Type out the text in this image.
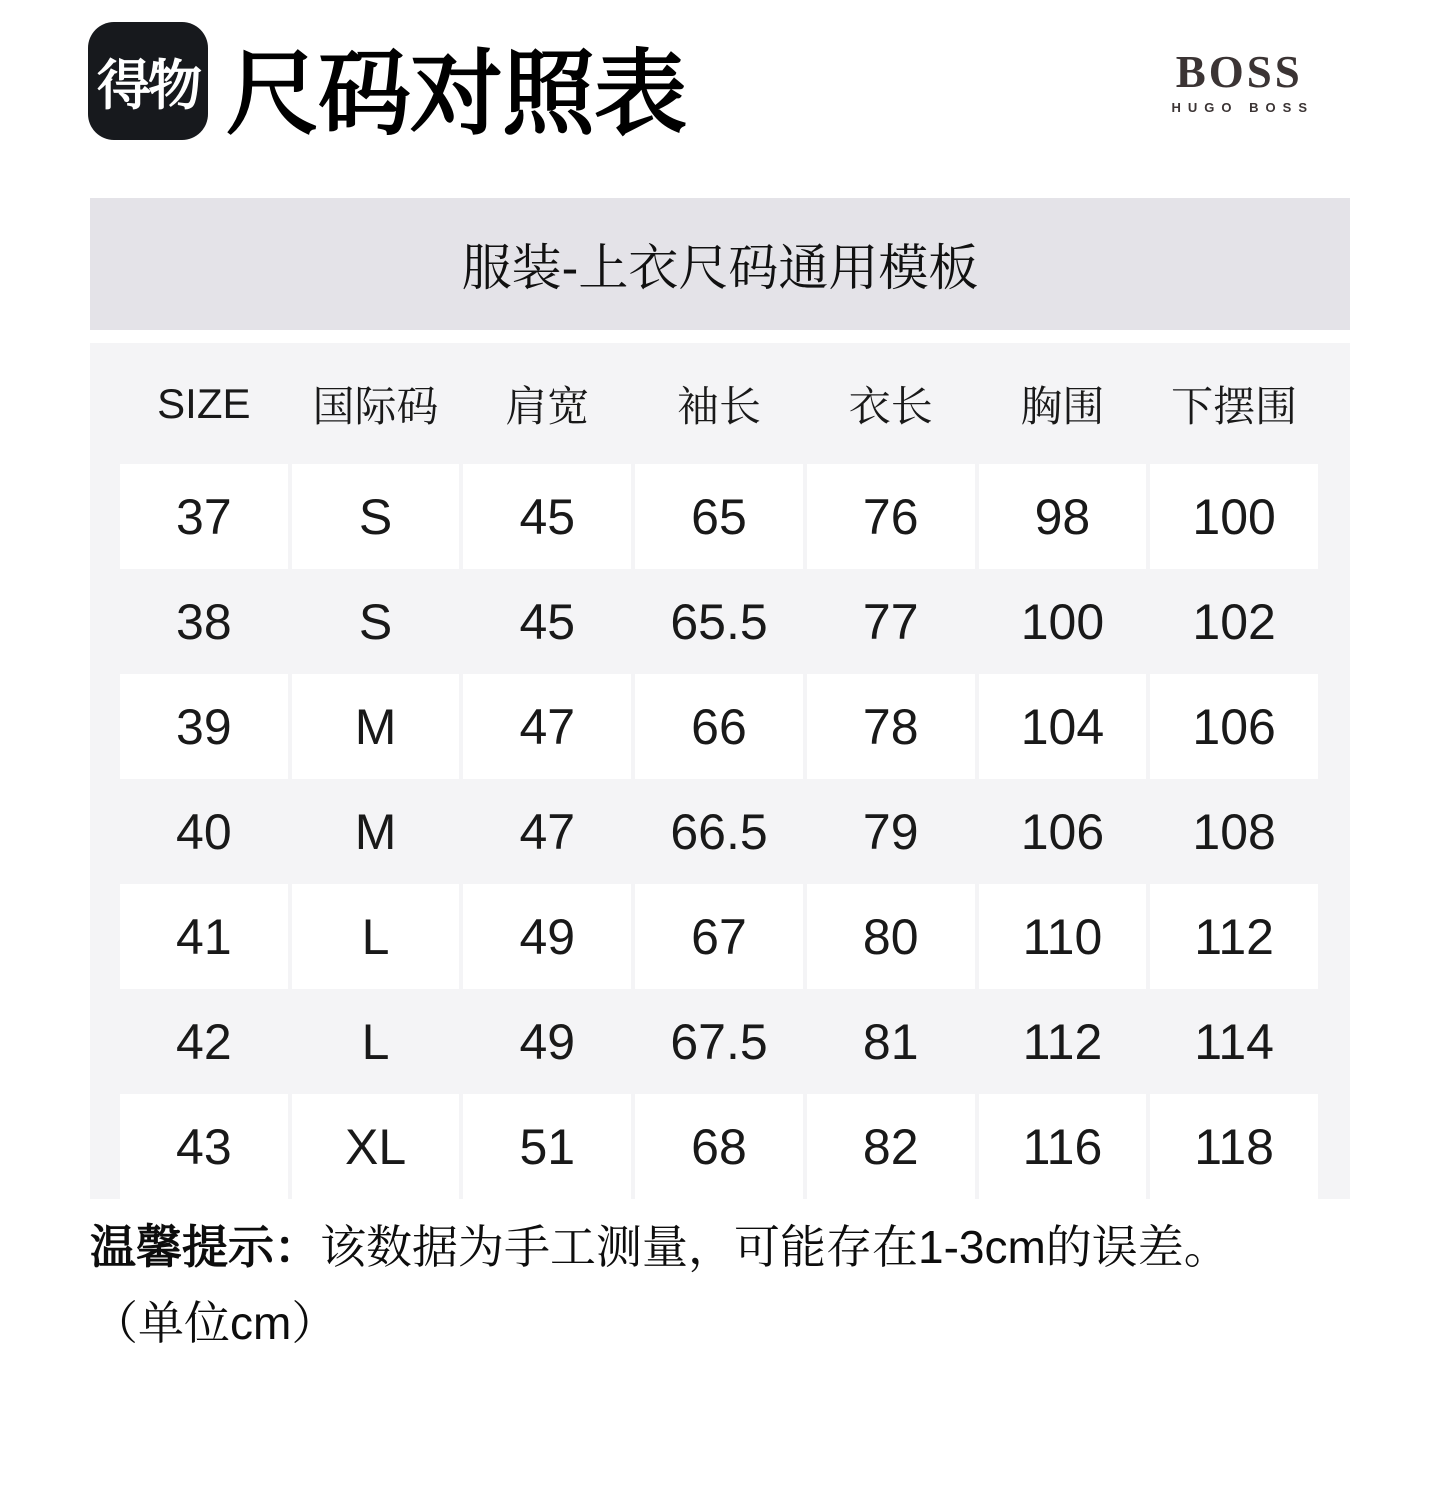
得物 尺码对照表	BOSS
HUGO BOSS
服装-上衣尺码通用模板
SIZE	国际码	肩宽	袖长	衣长	胸围	下摆围
37	S	45	65	76	98	100
38	S	45	65.5	77	100	102
39	M	47	66	78	104	106
40	M	47	66.5	79	106	108
41	L	49	67	80	110	112
42	L	49	67.5	81	112	114
43	XL	51	68	82	116	118
温馨提示：该数据为手工测量，可能存在1-3cm的误差。
（单位cm）
